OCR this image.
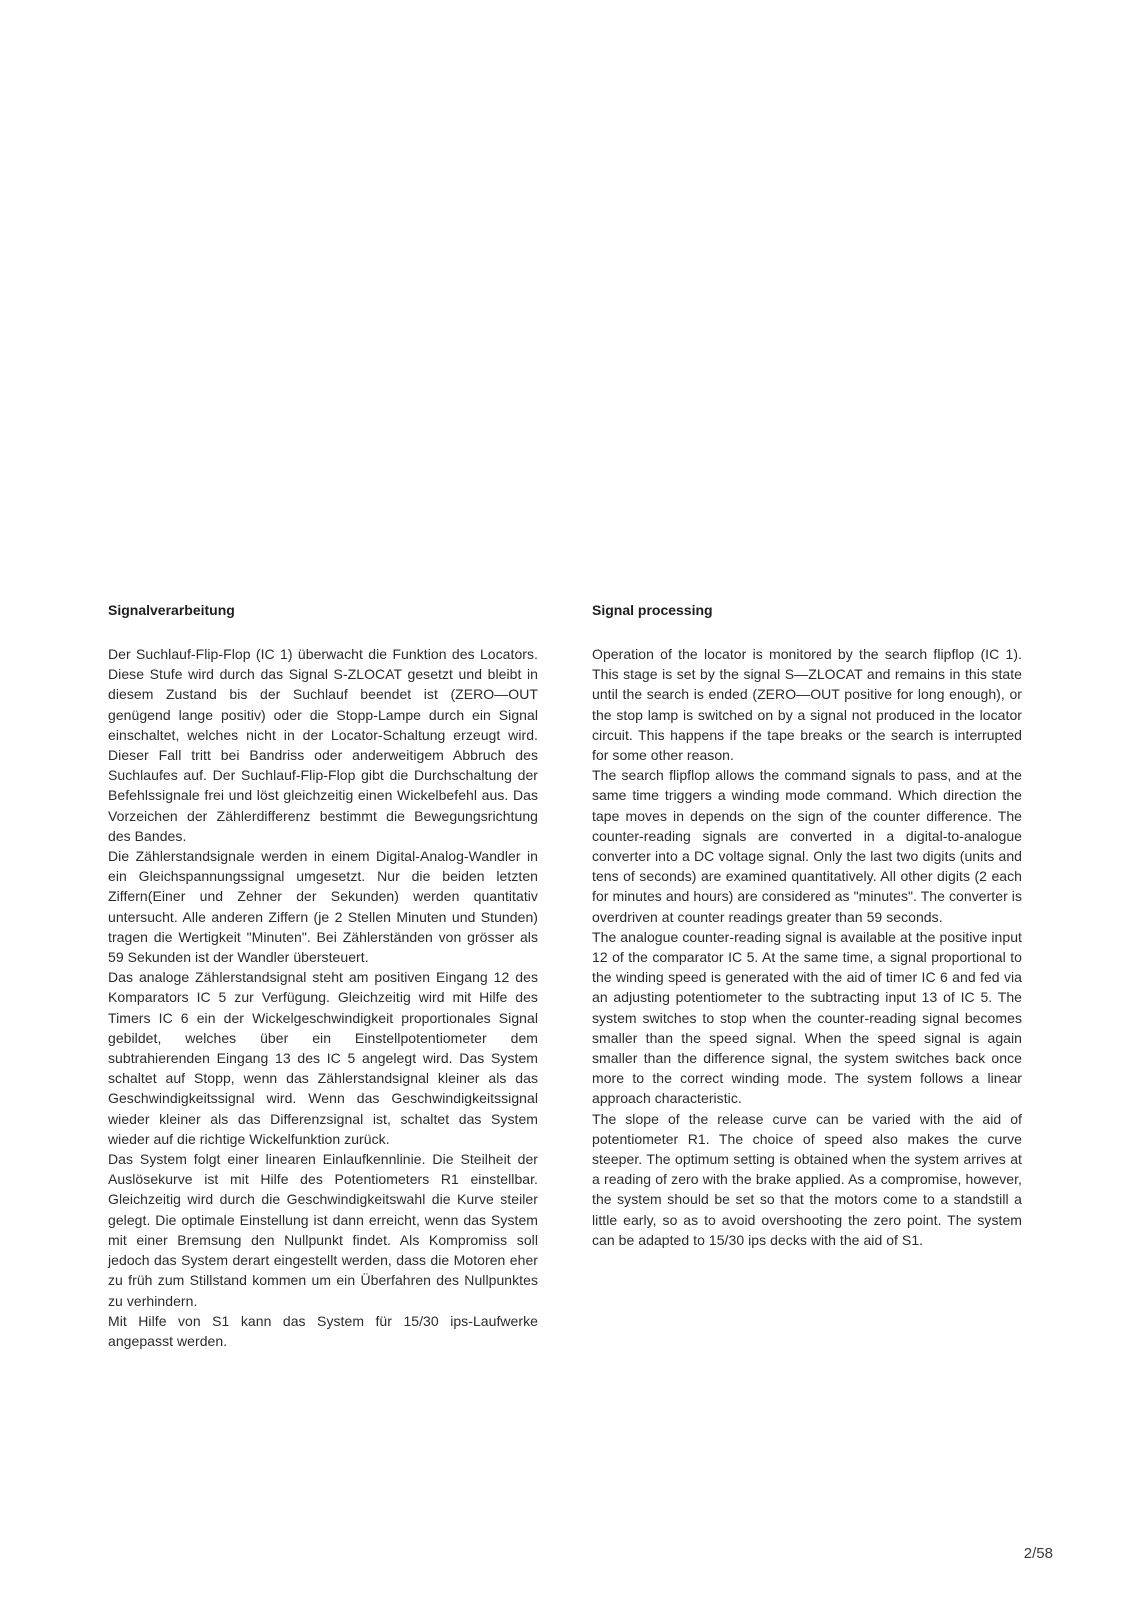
Signalverarbeitung

Der Suchlauf-Flip-Flop (IC 1) überwacht die Funktion des Locators. Diese Stufe wird durch das Signal S-ZLOCAT gesetzt und bleibt in diesem Zustand bis der Suchlauf beendet ist (ZERO—OUT genügend lange positiv) oder die Stopp-Lampe durch ein Signal einschaltet, welches nicht in der Locator-Schaltung erzeugt wird. Dieser Fall tritt bei Bandriss oder anderweitigem Abbruch des Suchlaufes auf. Der Suchlauf-Flip-Flop gibt die Durchschaltung der Befehlssignale frei und löst gleichzeitig einen Wickelbefehl aus. Das Vorzeichen der Zählerdifferenz bestimmt die Bewegungsrichtung des Bandes.

Die Zählerstandsignale werden in einem Digital-Analog-Wandler in ein Gleichspannungssignal umgesetzt. Nur die beiden letzten Ziffern(Einer und Zehner der Sekunden) werden quantitativ untersucht. Alle anderen Ziffern (je 2 Stellen Minuten und Stunden) tragen die Wertigkeit "Minuten". Bei Zählerständen von grösser als 59 Sekunden ist der Wandler übersteuert.

Das analoge Zählerstandsignal steht am positiven Eingang 12 des Komparators IC 5 zur Verfügung. Gleichzeitig wird mit Hilfe des Timers IC 6 ein der Wickelgeschwindigkeit proportionales Signal gebildet, welches über ein Einstellpotentiometer dem subtrahierenden Eingang 13 des IC 5 angelegt wird. Das System schaltet auf Stopp, wenn das Zählerstandsignal kleiner als das Geschwindigkeitssignal wird. Wenn das Geschwindigkeitssignal wieder kleiner als das Differenzsignal ist, schaltet das System wieder auf die richtige Wickelfunktion zurück.

Das System folgt einer linearen Einlaufkennlinie. Die Steilheit der Auslösekurve ist mit Hilfe des Potentiometers R1 einstellbar. Gleichzeitig wird durch die Geschwindigkeitswahl die Kurve steiler gelegt. Die optimale Einstellung ist dann erreicht, wenn das System mit einer Bremsung den Nullpunkt findet. Als Kompromiss soll jedoch das System derart eingestellt werden, dass die Motoren eher zu früh zum Stillstand kommen um ein Überfahren des Nullpunktes zu verhindern.

Mit Hilfe von S1 kann das System für 15/30 ips-Laufwerke angepasst werden.

Signal processing

Operation of the locator is monitored by the search flipflop (IC 1). This stage is set by the signal S—ZLOCAT and remains in this state until the search is ended (ZERO—OUT positive for long enough), or the stop lamp is switched on by a signal not produced in the locator circuit. This happens if the tape breaks or the search is interrupted for some other reason.

The search flipflop allows the command signals to pass, and at the same time triggers a winding mode command. Which direction the tape moves in depends on the sign of the counter difference. The counter-reading signals are converted in a digital-to-analogue converter into a DC voltage signal. Only the last two digits (units and tens of seconds) are examined quantitatively. All other digits (2 each for minutes and hours) are considered as "minutes". The converter is overdriven at counter readings greater than 59 seconds.

The analogue counter-reading signal is available at the positive input 12 of the comparator IC 5. At the same time, a signal proportional to the winding speed is generated with the aid of timer IC 6 and fed via an adjusting potentiometer to the subtracting input 13 of IC 5. The system switches to stop when the counter-reading signal becomes smaller than the speed signal. When the speed signal is again smaller than the difference signal, the system switches back once more to the correct winding mode. The system follows a linear approach characteristic.

The slope of the release curve can be varied with the aid of potentiometer R1. The choice of speed also makes the curve steeper. The optimum setting is obtained when the system arrives at a reading of zero with the brake applied. As a compromise, however, the system should be set so that the motors come to a standstill a little early, so as to avoid overshooting the zero point. The system can be adapted to 15/30 ips decks with the aid of S1.

2/58
